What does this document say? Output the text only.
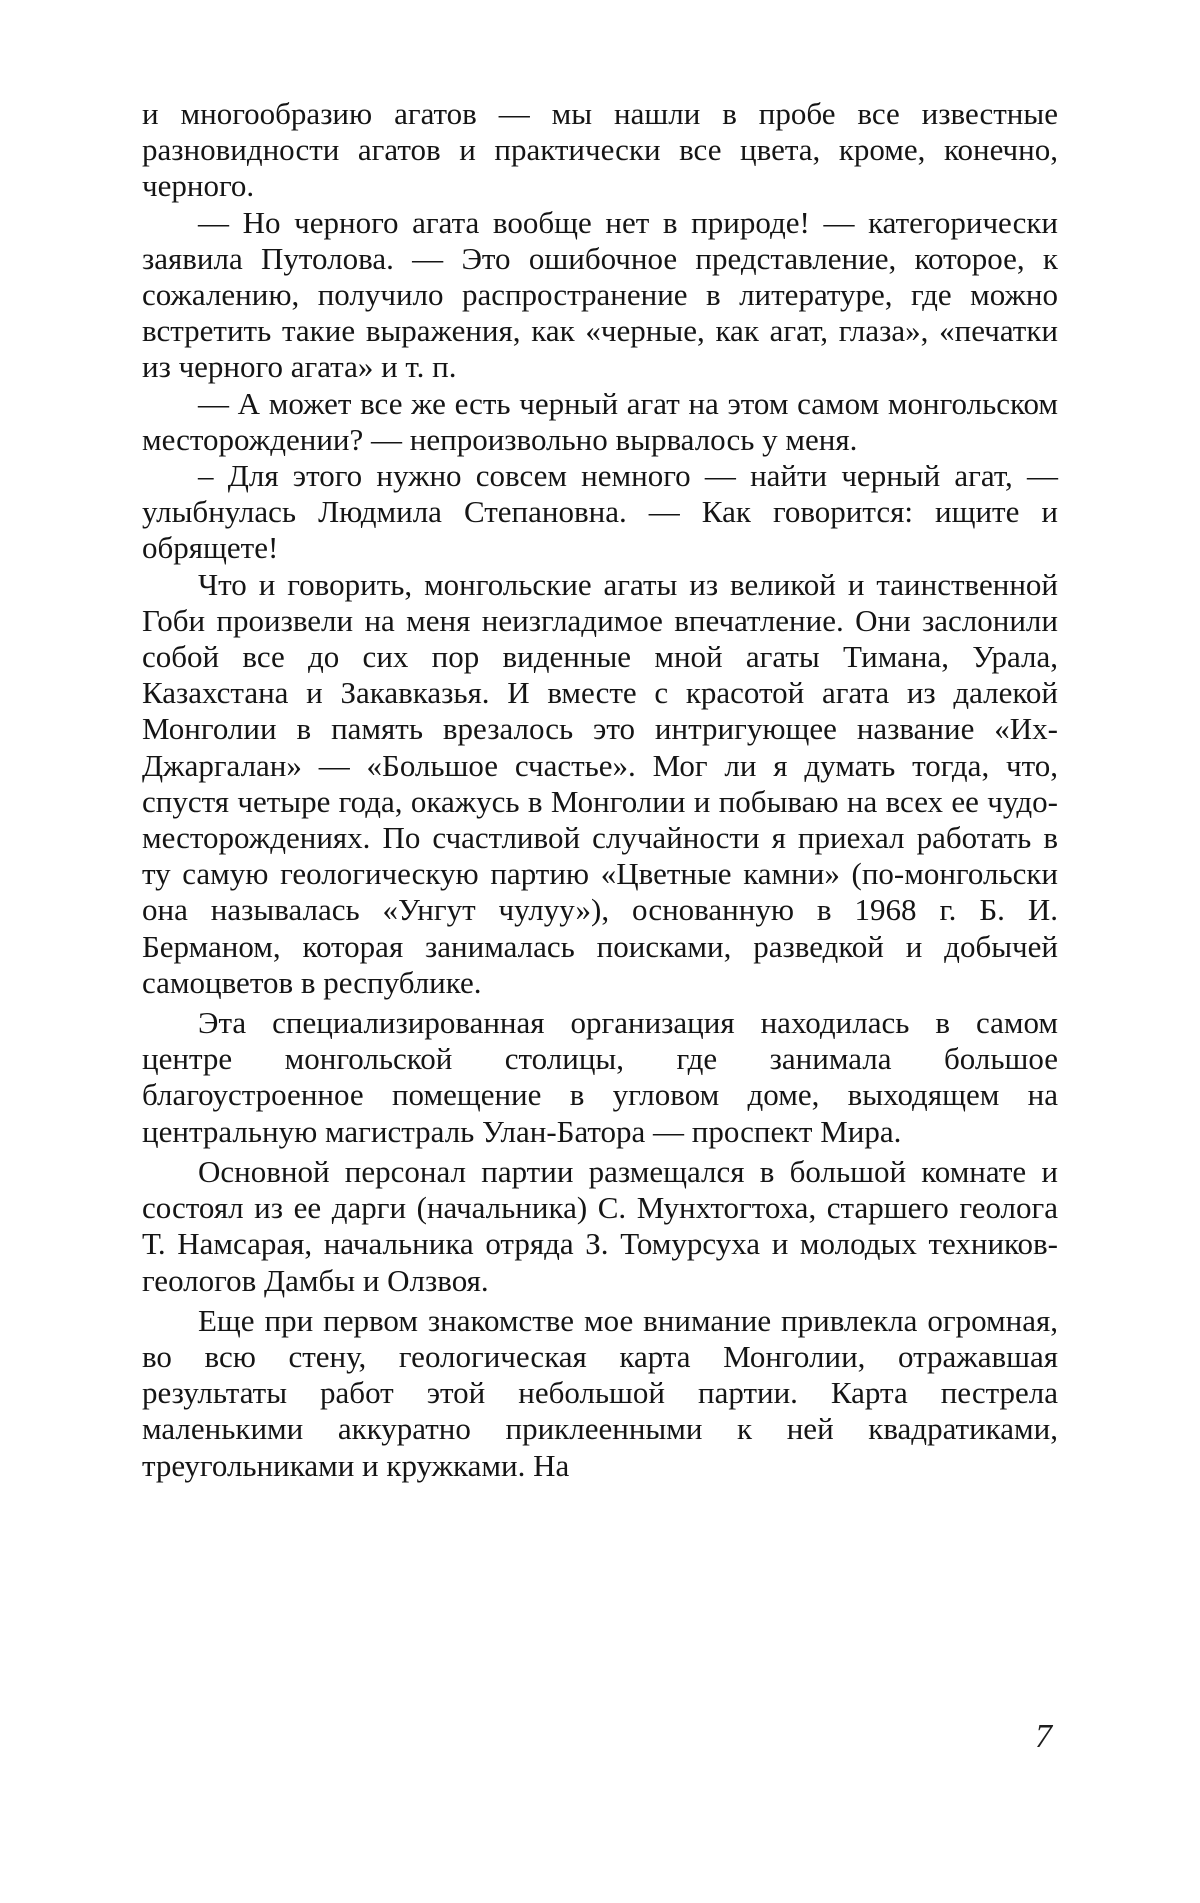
и многообразию агатов — мы нашли в пробе все известные разновидности агатов и практически все цвета, кроме, конечно, черного.

— Но черного агата вообще нет в природе! — категорически заявила Путолова. — Это ошибочное представление, которое, к сожалению, получило распространение в литературе, где можно встретить такие выражения, как «черные, как агат, глаза», «печатки из черного агата» и т. п.

— А может все же есть черный агат на этом самом монгольском месторождении? — непроизвольно вырвалось у меня.

– Для этого нужно совсем немного — найти черный агат, — улыбнулась Людмила Степановна. — Как говорится: ищите и обрящете!

Что и говорить, монгольские агаты из великой и таинственной Гоби произвели на меня неизгладимое впечатление. Они заслонили собой все до сих пор виденные мной агаты Тимана, Урала, Казахстана и Закавказья. И вместе с красотой агата из далекой Монголии в память врезалось это интригующее название «Их-Джаргалан» — «Большое счастье». Мог ли я думать тогда, что, спустя четыре года, окажусь в Монголии и побываю на всех ее чудо-месторождениях. По счастливой случайности я приехал работать в ту самую геологическую партию «Цветные камни» (по-монгольски она называлась «Унгут чулуу»), основанную в 1968 г. Б. И. Берманом, которая занималась поисками, разведкой и добычей самоцветов в республике.

Эта специализированная организация находилась в самом центре монгольской столицы, где занимала большое благоустроенное помещение в угловом доме, выходящем на центральную магистраль Улан-Батора — проспект Мира.

Основной персонал партии размещался в большой комнате и состоял из ее дарги (начальника) С. Мунхтогтоха, старшего геолога Т. Намсарая, начальника отряда З. Томурсуха и молодых техников-геологов Дамбы и Олзвоя.

Еще при первом знакомстве мое внимание привлекла огромная, во всю стену, геологическая карта Монголии, отражавшая результаты работ этой небольшой партии. Карта пестрела маленькими аккуратно приклеенными к ней квадратиками, треугольниками и кружками. На

7
